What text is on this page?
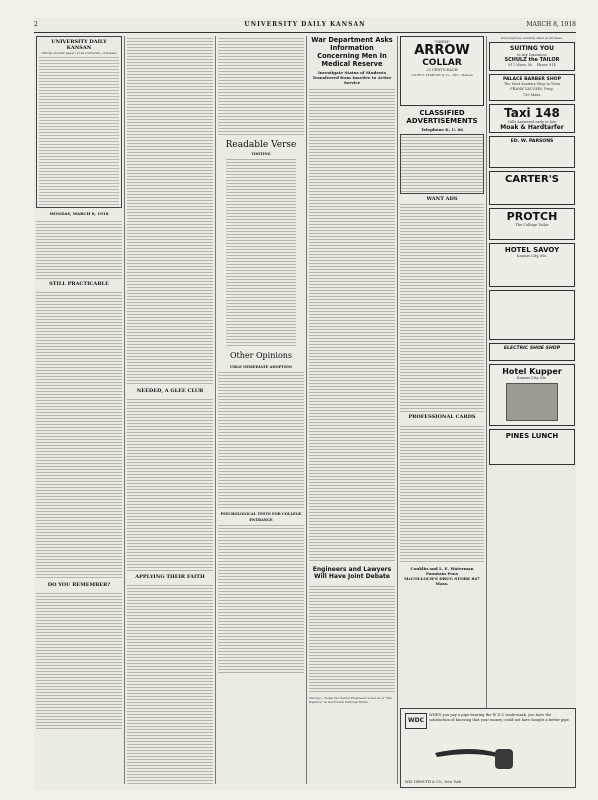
2	UNIVERSITY DAILY KANSAN	MARCH 8, 1918
UNIVERSITY DAILY KANSAN
Official student paper of the University of Kansas
MONDAY, MARCH 8, 1918
STILL PRACTICABLE
DO YOU REMEMBER?
NEEDED, A GLEE CLUB
APPLYING THEIR FAITH
Readable Verse
VISITING
Other Opinions
URGE IMMEDIATE ADOPTION
PSYCHOLOGICAL TESTS FOR COLLEGE ENTRANCE
War Department Asks Information Concerning Men In Medical Reserve
Investigate Status of Students Transferred from Inactive to Active Service
Engineers and Lawyers Will Have Joint Debate
Chicago—Today the Senior Engineers acted as of "The Rapture" in the French national Hymn.
"OKEH"
ARROW
COLLAR
25 CENTS EACH
CLUETT, PEABODY & Co., INC., Makers
CLASSIFIED ADVERTISEMENTS
Telephone K. U. 66
WANT ADS
PROFESSIONAL CARDS
Conklin and L. E. Waterman Fountain Pens
McCOLLOCH'S DRUG STORE 847 Mass.
Prescriptions carefully filled at all times.
SUITING YOU
is my business
SCHULZ the TAILOR
917 Mass. St. Phone 914
PALACE BARBER SHOP
The Most Sanitary Shop in Town
FRANK VAUGHN, Prop.
739 Mass.
Taxi 148
Calls Answered early or late
Moak & Hardtarfer
ED. W. PARSONS
CARTER'S
PROTCH
The College Tailor
HOTEL SAVOY
Kansas City, Mo.
ELECTRIC SHOE SHOP
Hotel Kupper
Kansas City, Mo.
PINES LUNCH
WDC
WHEN you pay a pipe-bearing the W D C trade-mark, you have the satisfaction of knowing that your money could not have bought a better pipe.
WM. DEMUTH & CO., New York
